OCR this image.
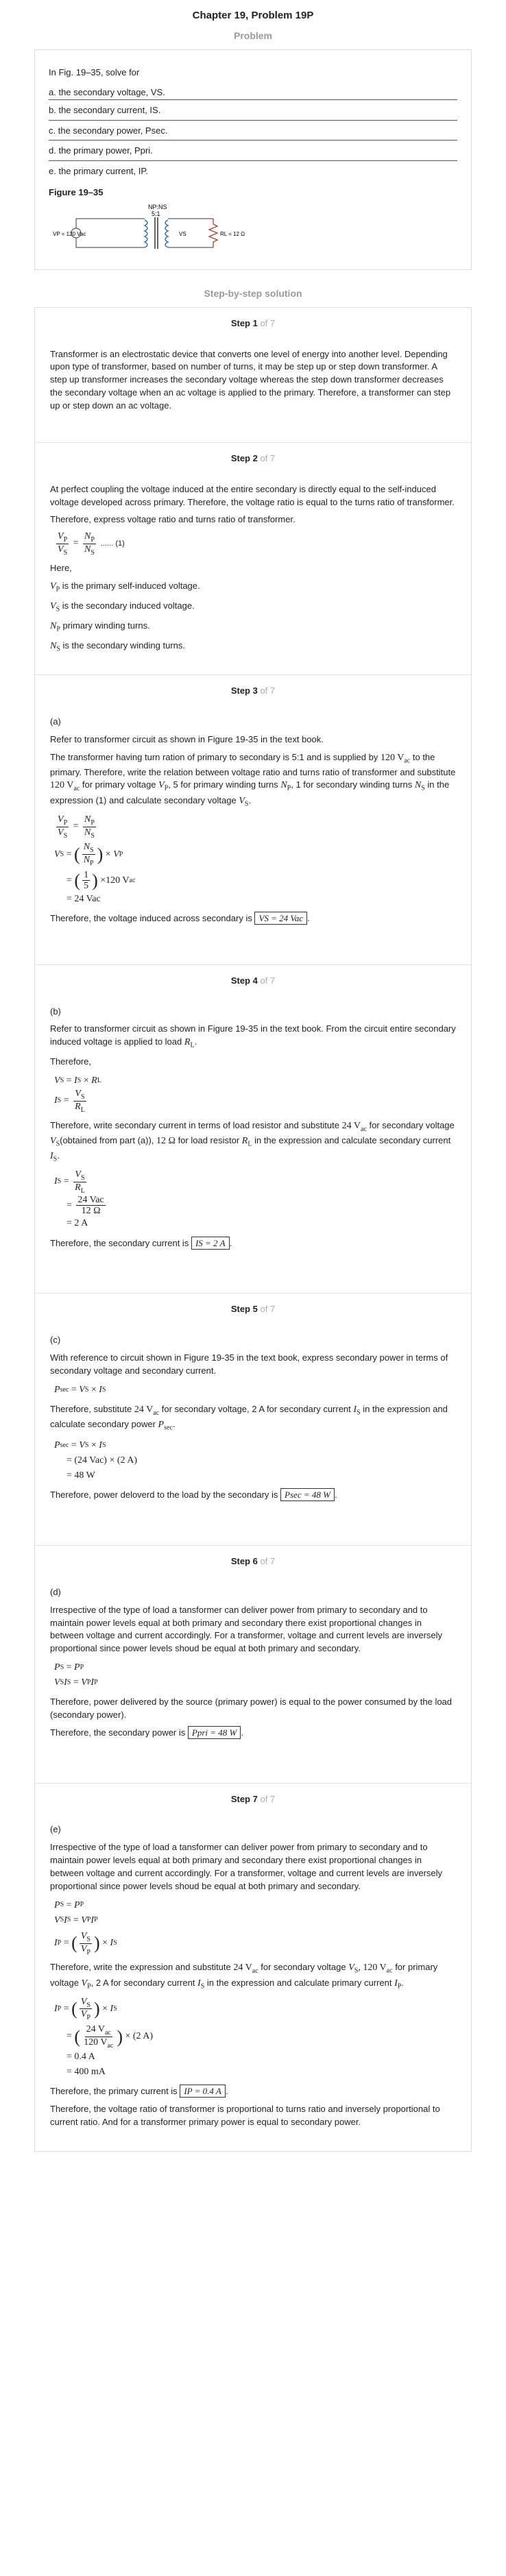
Chapter 19, Problem 19P
Problem
In Fig. 19–35, solve for
a. the secondary voltage, VS.
b. the secondary current, IS.
c. the secondary power, Psec.
d. the primary power, Ppri.
e. the primary current, IP.
Figure 19–35
NP:NS
5:1
VP = 120 Vac	VS	RL = 12 Ω
Step-by-step solution
Step 1 of 7

Transformer is an electrostatic device that converts one level of energy into another level. Depending upon type of transformer, based on number of turns, it may be step up or step down transformer. A step up transformer increases the secondary voltage whereas the step down transformer decreases the secondary voltage when an ac voltage is applied to the primary. Therefore, a transformer can step up or step down an ac voltage.

Step 2 of 7

At perfect coupling the voltage induced at the entire secondary is directly equal to the self-induced voltage developed across primary. Therefore, the voltage ratio is equal to the turns ratio of transformer.

Therefore, express voltage ratio and turns ratio of transformer.

$\frac{V_P}{V_S} = \frac{N_P}{N_S}$ ...... (1)

Here,

$V_P$ is the primary self-induced voltage.

$V_S$ is the secondary induced voltage.

$N_P$ primary winding turns.

$N_S$ is the secondary winding turns.

Step 3 of 7

(a)

Refer to transformer circuit as shown in Figure 19-35 in the text book.

The transformer having turn ration of primary to secondary is 5:1 and is supplied by 120 $V_{ac}$ to the primary. Therefore, write the relation between voltage ratio and turns ratio of transformer and substitute 120 $V_{ac}$ for primary voltage $V_P$, 5 for primary winding turns $N_P$, 1 for secondary winding turns $N_S$ in the expression (1) and calculate secondary voltage $V_S$.

$\frac{V_P}{V_S} = \frac{N_P}{N_S}$
V S = ( $\frac{N_S}{N_P}$ ) × V P
= ( $\frac{1}{5}$ ) ×120 V ac
= 24 Vac

Therefore, the voltage induced across secondary is VS = 24 Vac .

Step 4 of 7

(b)

Refer to transformer circuit as shown in Figure 19-35 in the text book. From the circuit entire secondary induced voltage is applied to load $R_L$.

Therefore,

V S = I S × R L
I $S = \frac{V_S}{R_L}$

Therefore, write secondary current in terms of load resistor and substitute 24 $V_{ac}$ for secondary voltage $V_S(obtained$ from part (a)), 12 Ω for load resistor $R_L$ in the expression and calculate secondary current $I_S$.

I $S = \frac{V_S}{R_L}$
= $\frac{\text{24 Vac}}{12 \Omega}$
= 2 A

Therefore, the secondary current is IS = 2 A .

Step 5 of 7

(c)

With reference to circuit shown in Figure 19-35 in the text book, express secondary power in terms of secondary voltage and secondary current.

P sec = V S × I S

Therefore, substitute 24 $V_{ac}$ for secondary voltage, 2 A for secondary current $I_S$ in the expression and calculate secondary power $P_{sec}$.

P sec = V S × I S
= (24 Vac) × (2 A)
= 48 W

Therefore, power deloverd to the load by the secondary is Psec = 48 W .

Step 6 of 7

(d)

Irrespective of the type of load a tansformer can deliver power from primary to secondary and to maintain power levels equal at both primary and secondary there exist proportional changes in between voltage and current accordingly. For a transformer, voltage and current levels are inversely proportional since power levels shoud be equal at both primary and secondary.

P S = P P
V S I S = V P I P

Therefore, power delivered by the source (primary power) is equal to the power consumed by the load (secondary power).

Therefore, the secondary power is Ppri = 48 W .

Step 7 of 7

(e)

Irrespective of the type of load a tansformer can deliver power from primary to secondary and to maintain power levels equal at both primary and secondary there exist proportional changes in between voltage and current accordingly. For a transformer, voltage and current levels are inversely proportional since power levels shoud be equal at both primary and secondary.

P S = P P
V S I S = V P I P
I P = ( $\frac{V_S}{V_P}$ ) × I S

Therefore, write the expression and substitute 24 $V_{ac}$ for secondary voltage $V_S$, 120 $V_{ac}$ for primary voltage $V_P$, 2 A for secondary current $I_S$ in the expression and calculate primary current $I_P$.

I P = ( $\frac{V_S}{V_P}$ ) × I S
= ( $\frac{24 V_{ac}}{120 V_{ac}}$ ) × (2 A)
= 0.4 A
= 400 mA

Therefore, the primary current is IP = 0.4 A .

Therefore, the voltage ratio of transformer is proportional to turns ratio and inversely proportional to current ratio. And for a transformer primary power is equal to secondary power.
